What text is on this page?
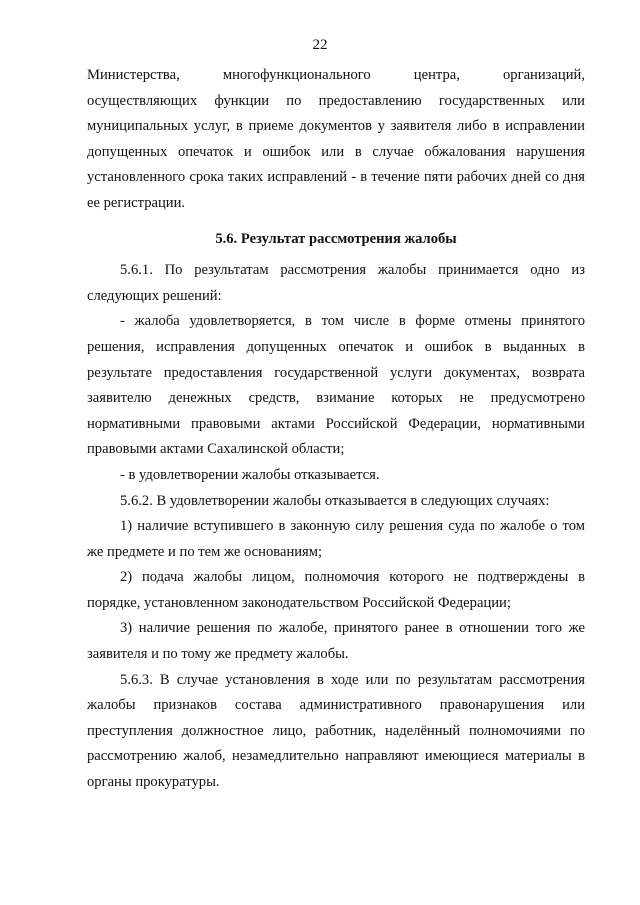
22

Министерства, многофункционального центра, организаций,

осуществляющих функции по предоставлению государственных или муниципальных услуг, в приеме документов у заявителя либо в исправлении допущенных опечаток и ошибок или в случае обжалования нарушения установленного срока таких исправлений - в течение пяти рабочих дней со дня ее регистрации.

5.6. Результат рассмотрения жалобы

5.6.1. По результатам рассмотрения жалобы принимается одно из следующих решений:

- жалоба удовлетворяется, в том числе в форме отмены принятого решения, исправления допущенных опечаток и ошибок в выданных в результате предоставления государственной услуги документах, возврата заявителю денежных средств, взимание которых не предусмотрено нормативными правовыми актами Российской Федерации, нормативными правовыми актами Сахалинской области;

- в удовлетворении жалобы отказывается.

5.6.2. В удовлетворении жалобы отказывается в следующих случаях:

1) наличие вступившего в законную силу решения суда по жалобе о том же предмете и по тем же основаниям;

2) подача жалобы лицом, полномочия которого не подтверждены в порядке, установленном законодательством Российской Федерации;

3) наличие решения по жалобе, принятого ранее в отношении того же заявителя и по тому же предмету жалобы.

5.6.3. В случае установления в ходе или по результатам рассмотрения жалобы признаков состава административного правонарушения или преступления должностное лицо, работник, наделённый полномочиями по рассмотрению жалоб, незамедлительно направляют имеющиеся материалы в органы прокуратуры.
